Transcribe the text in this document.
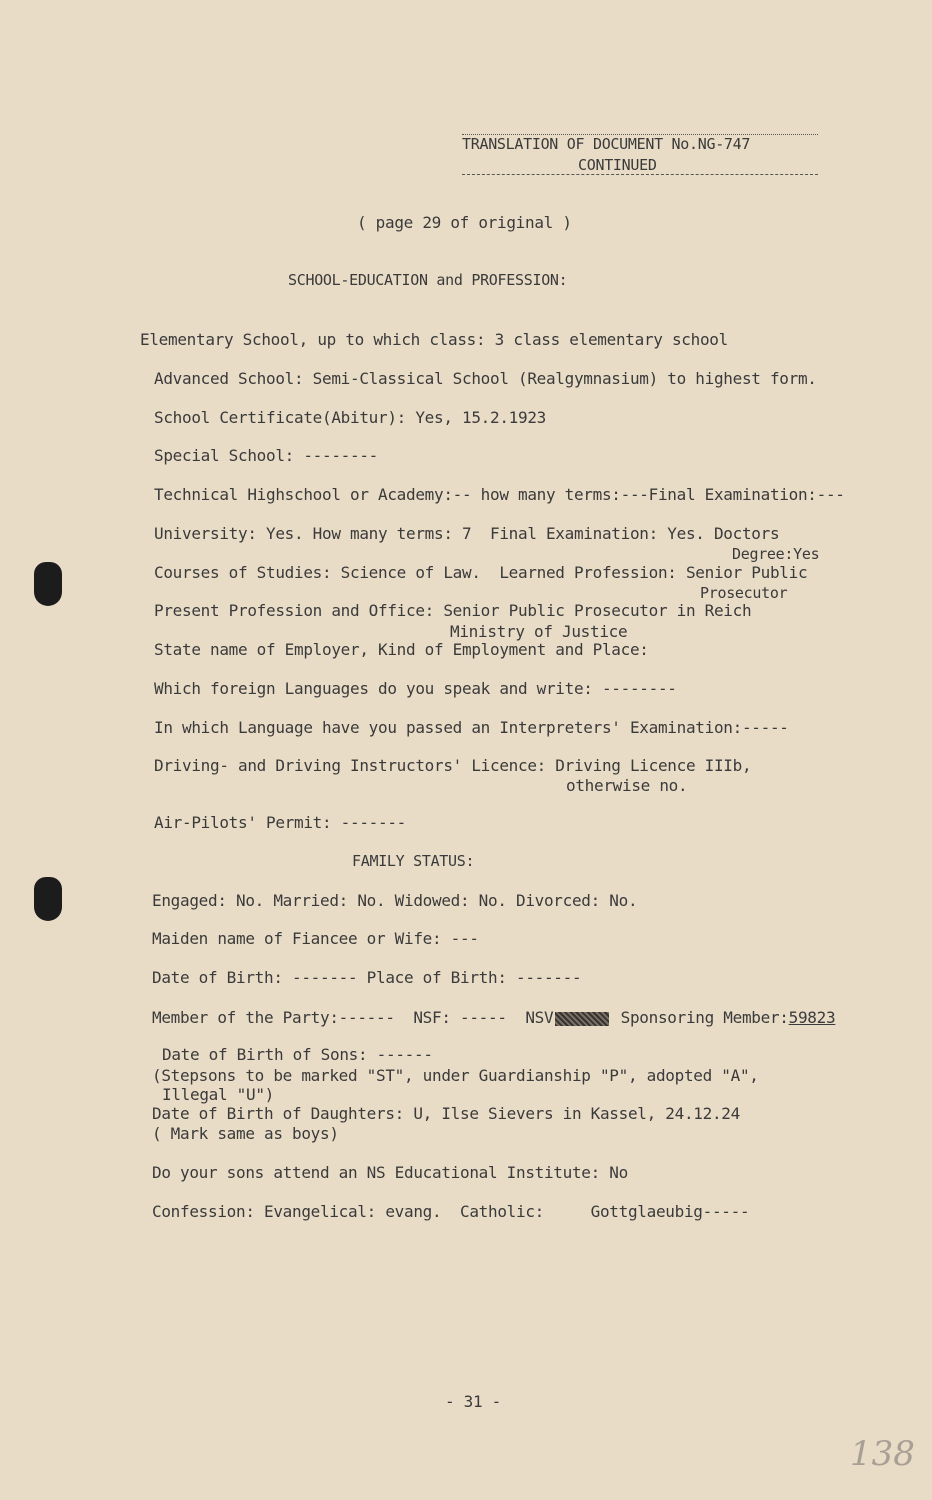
TRANSLATION OF DOCUMENT No.NG-747
CONTINUED
( page 29 of original )
SCHOOL-EDUCATION and PROFESSION:
Elementary School, up to which class: 3 class elementary school
Advanced School: Semi-Classical School (Realgymnasium) to highest form.
School Certificate(Abitur): Yes, 15.2.1923
Special School: --------
Technical Highschool or Academy:-- how many terms:---Final Examination:---
University: Yes. How many terms: 7  Final Examination: Yes. Doctors
Degree:Yes
Courses of Studies: Science of Law.  Learned Profession: Senior Public
Prosecutor
Present Profession and Office: Senior Public Prosecutor in Reich
Ministry of Justice
State name of Employer, Kind of Employment and Place:
Which foreign Languages do you speak and write: --------
In which Language have you passed an Interpreters' Examination:-----
Driving- and Driving Instructors' Licence: Driving Licence IIIb,
otherwise no.
Air-Pilots' Permit: -------
FAMILY STATUS:
Engaged: No. Married: No. Widowed: No. Divorced: No.
Maiden name of Fiancee or Wife: ---
Date of Birth: ------- Place of Birth: -------
Member of the Party:------  NSF: -----  NSV	Sponsoring Member:59823
Date of Birth of Sons: ------
(Stepsons to be marked "ST", under Guardianship "P", adopted "A",
Illegal "U")
Date of Birth of Daughters: U, Ilse Sievers in Kassel, 24.12.24
( Mark same as boys)
Do your sons attend an NS Educational Institute: No
Confession: Evangelical: evang.  Catholic:     Gottglaeubig-----
- 31 -
138
